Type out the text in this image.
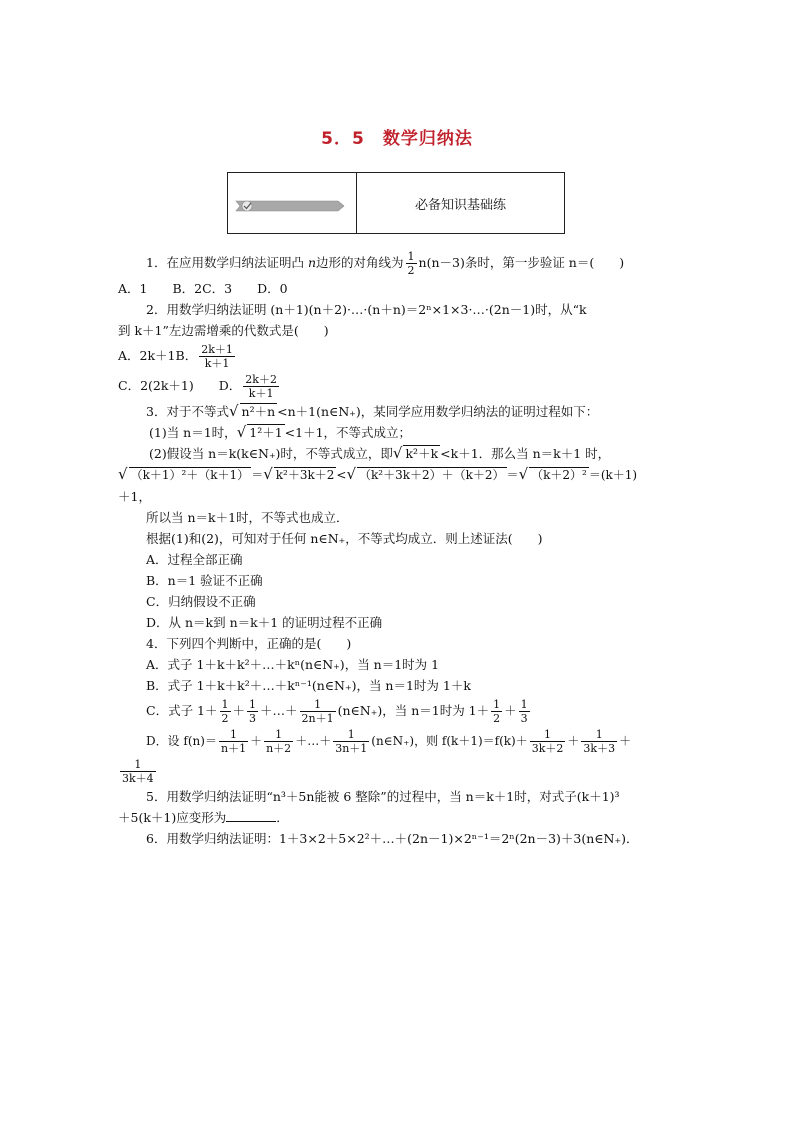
5．5　数学归纳法
必备知识基础练
1．在应用数学归纳法证明凸 n边形的对角线为 $\frac{1}{2} n(n-3)$条时，第一步验证 n＝(　　)
A．1　　B．2C．3　　D．0
2．用数学归纳法证明 (n＋1)(n＋2)·…·(n＋n)＝2ⁿ×1×3·…·(2n－1)时，从“k
到 k＋1”左边需增乘的代数式是(　　)
A．2k＋1B． $\frac{2k+1}{k+1}$
C．2(2k＋1)　　D． $\frac{2k+2}{k+1}$
3．对于不等式√ n²＋n <n＋1(n∈N₊)，某同学应用数学归纳法的证明过程如下：
(1)当 n＝1时，√ 1²＋1 <1＋1，不等式成立；
(2)假设当 n＝k(k∈N₊)时，不等式成立，即√ k²＋k <k＋1．那么当 n＝k＋1 时，
√ （k＋1）²＋（k＋1） ＝√ k²＋3k＋2 <√ （k²＋3k＋2）＋（k＋2） ＝√ （k＋2）² ＝(k＋1)
＋1，
所以当 n＝k＋1时，不等式也成立．
根据(1)和(2)，可知对于任何 n∈N₊，不等式均成立．则上述证法(　　)
A．过程全部正确
B．n＝1 验证不正确
C．归纳假设不正确
D．从 n＝k到 n＝k＋1 的证明过程不正确
4．下列四个判断中，正确的是(　　)
A．式子 1＋k＋k²＋…＋kⁿ(n∈N₊)，当 n＝1时为 1
B．式子 1＋k＋k²＋…＋kⁿ⁻¹(n∈N₊)，当 n＝1时为 1＋k
C．式子 $1+ \frac{1}{2} + \frac{1}{3}$ ＋…＋ $\frac{1}{2n+1}$ (n∈N₊)，当 n＝1时为 $1+ \frac{1}{2} + \frac{1}{3}$
D．设 $f(n)= \frac{1}{n+1} + \frac{1}{n+2}$ ＋…＋ $\frac{1}{3n+1}$ (n∈N₊)，则 $f(k+1)=f(k)+ \frac{1}{3k+2} + \frac{1}{3k+3}$ ＋
$\frac{1}{3k+4}$
5．用数学归纳法证明“n³＋5n能被 6 整除”的过程中，当 n＝k＋1时，对式子(k＋1)³
＋5(k＋1)应变形为	．
6．用数学归纳法证明：1＋3×2＋5×2²＋…＋(2n－1)×2ⁿ⁻¹＝2ⁿ(2n－3)＋3(n∈N₊)．
